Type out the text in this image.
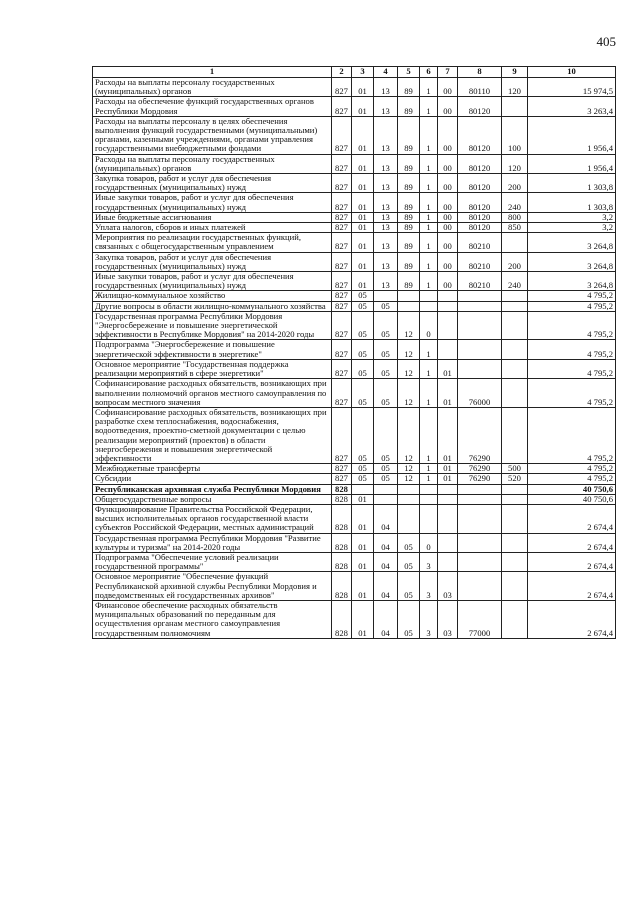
405
1	2	3	4	5	6	7	8	9	10
Расходы на выплаты персоналу государственных (муниципальных) органов	827	01	13	89	1	00	80110	120	15 974,5
Расходы на обеспечение функций государственных органов Республики Мордовия	827	01	13	89	1	00	80120		3 263,4
Расходы на выплаты персоналу в целях обеспечения выполнения функций государственными (муниципальными) органами, казенными учреждениями, органами управления государственными внебюджетными фондами	827	01	13	89	1	00	80120	100	1 956,4
Расходы на выплаты персоналу государственных (муниципальных) органов	827	01	13	89	1	00	80120	120	1 956,4
Закупка товаров, работ и услуг для обеспечения государственных (муниципальных) нужд	827	01	13	89	1	00	80120	200	1 303,8
Иные закупки товаров, работ и услуг для обеспечения государственных (муниципальных) нужд	827	01	13	89	1	00	80120	240	1 303,8
Иные бюджетные ассигнования	827	01	13	89	1	00	80120	800	3,2
Уплата налогов, сборов и иных платежей	827	01	13	89	1	00	80120	850	3,2
Мероприятия по реализации государственных функций, связанных с общегосударственным управлением	827	01	13	89	1	00	80210		3 264,8
Закупка товаров, работ и услуг для обеспечения государственных (муниципальных) нужд	827	01	13	89	1	00	80210	200	3 264,8
Иные закупки товаров, работ и услуг для обеспечения государственных (муниципальных) нужд	827	01	13	89	1	00	80210	240	3 264,8
Жилищно-коммунальное хозяйство	827	05							4 795,2
Другие вопросы в области жилищно-коммунального хозяйства	827	05	05						4 795,2
Государственная программа Республики Мордовия "Энергосбережение и повышение энергетической эффективности в Республике Мордовия" на 2014-2020 годы	827	05	05	12	0				4 795,2
Подпрограмма "Энергосбережение и повышение энергетической эффективности в энергетике"	827	05	05	12	1				4 795,2
Основное мероприятие "Государственная поддержка реализации мероприятий в сфере энергетики"	827	05	05	12	1	01			4 795,2
Софинансирование расходных обязательств, возникающих при выполнении полномочий органов местного самоуправления по вопросам местного значения	827	05	05	12	1	01	76000		4 795,2
Софинансирование расходных обязательств, возникающих при разработке схем теплоснабжения, водоснабжения, водоотведения, проектно-сметной документации с целью реализации мероприятий (проектов) в области энергосбережения и повышения энергетической эффективности	827	05	05	12	1	01	76290		4 795,2
Межбюджетные трансферты	827	05	05	12	1	01	76290	500	4 795,2
Субсидии	827	05	05	12	1	01	76290	520	4 795,2
Республиканская архивная служба Республики Мордовия	828								40 750,6
Общегосударственные вопросы	828	01							40 750,6
Функционирование Правительства Российской Федерации, высших исполнительных органов государственной власти субъектов Российской Федерации, местных администраций	828	01	04						2 674,4
Государственная программа Республики Мордовия "Развитие культуры и туризма" на 2014-2020 годы	828	01	04	05	0				2 674,4
Подпрограмма "Обеспечение условий реализации государственной программы"	828	01	04	05	3				2 674,4
Основное мероприятие "Обеспечение функций Республиканской архивной службы Республики Мордовия и подведомственных ей государственных архивов"	828	01	04	05	3	03			2 674,4
Финансовое обеспечение расходных обязательств муниципальных образований по переданным для осуществления органам местного самоуправления государственным полномочиям	828	01	04	05	3	03	77000		2 674,4
